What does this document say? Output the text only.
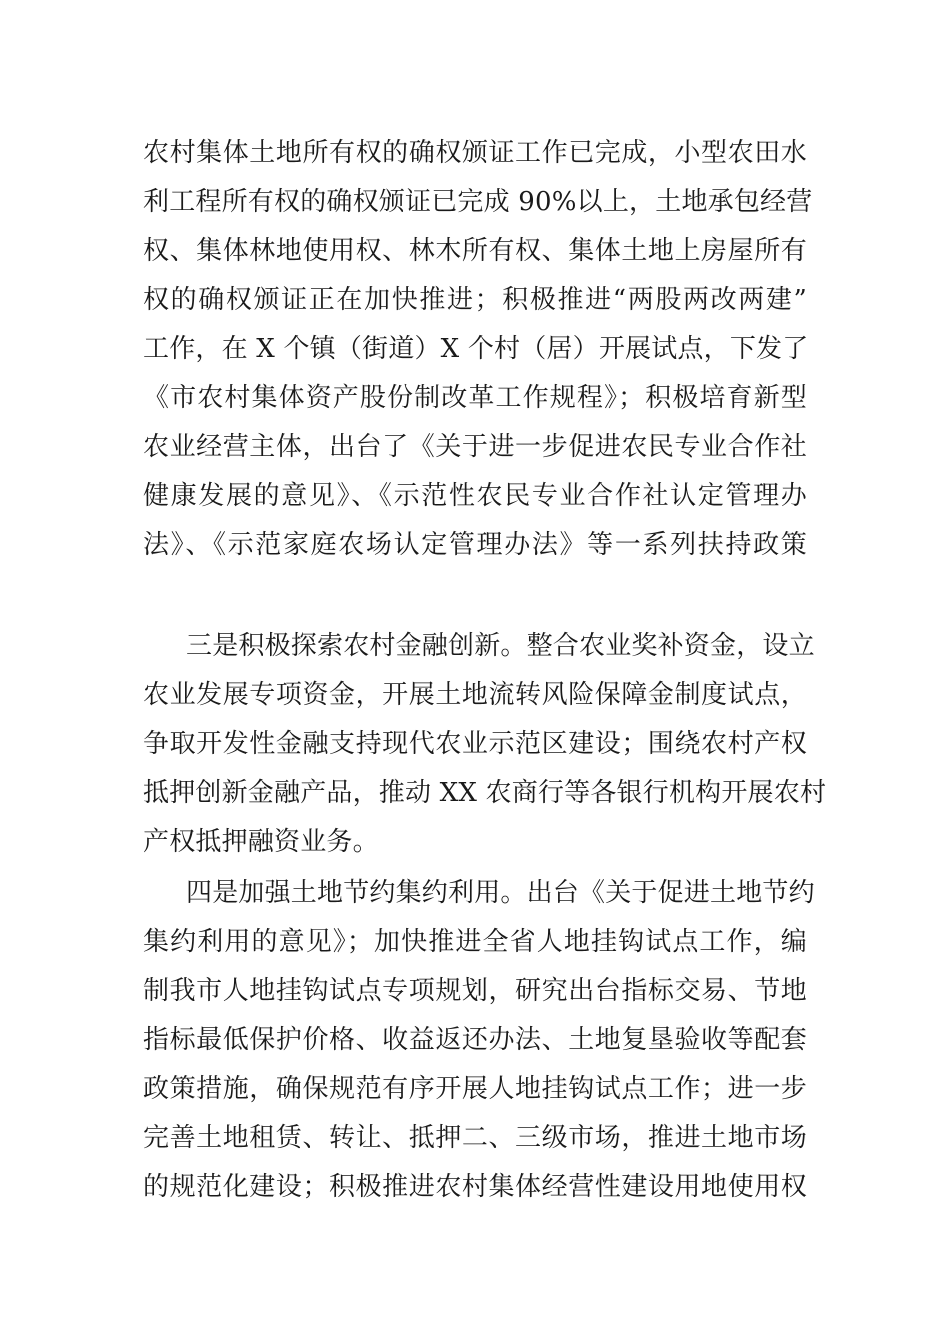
农村集体土地所有权的确权颁证工作已完成，小型农田水
利工程所有权的确权颁证已完成 90%以上，土地承包经营
权、集体林地使用权、林木所有权、集体土地上房屋所有
权的确权颁证正在加快推进；积极推进“两股两改两建”
工作，在 X 个镇（街道）X 个村（居）开展试点，下发了
《市农村集体资产股份制改革工作规程》；积极培育新型
农业经营主体，出台了《关于进一步促进农民专业合作社
健康发展的意见》、《示范性农民专业合作社认定管理办
法》、《示范家庭农场认定管理办法》等一系列扶持政策
三是积极探索农村金融创新。整合农业奖补资金，设立
农业发展专项资金，开展土地流转风险保障金制度试点，
争取开发性金融支持现代农业示范区建设；围绕农村产权
抵押创新金融产品，推动 XX 农商行等各银行机构开展农村
产权抵押融资业务。
四是加强土地节约集约利用。出台《关于促进土地节约
集约利用的意见》；加快推进全省人地挂钩试点工作，编
制我市人地挂钩试点专项规划，研究出台指标交易、节地
指标最低保护价格、收益返还办法、土地复垦验收等配套
政策措施，确保规范有序开展人地挂钩试点工作；进一步
完善土地租赁、转让、抵押二、三级市场，推进土地市场
的规范化建设；积极推进农村集体经营性建设用地使用权
